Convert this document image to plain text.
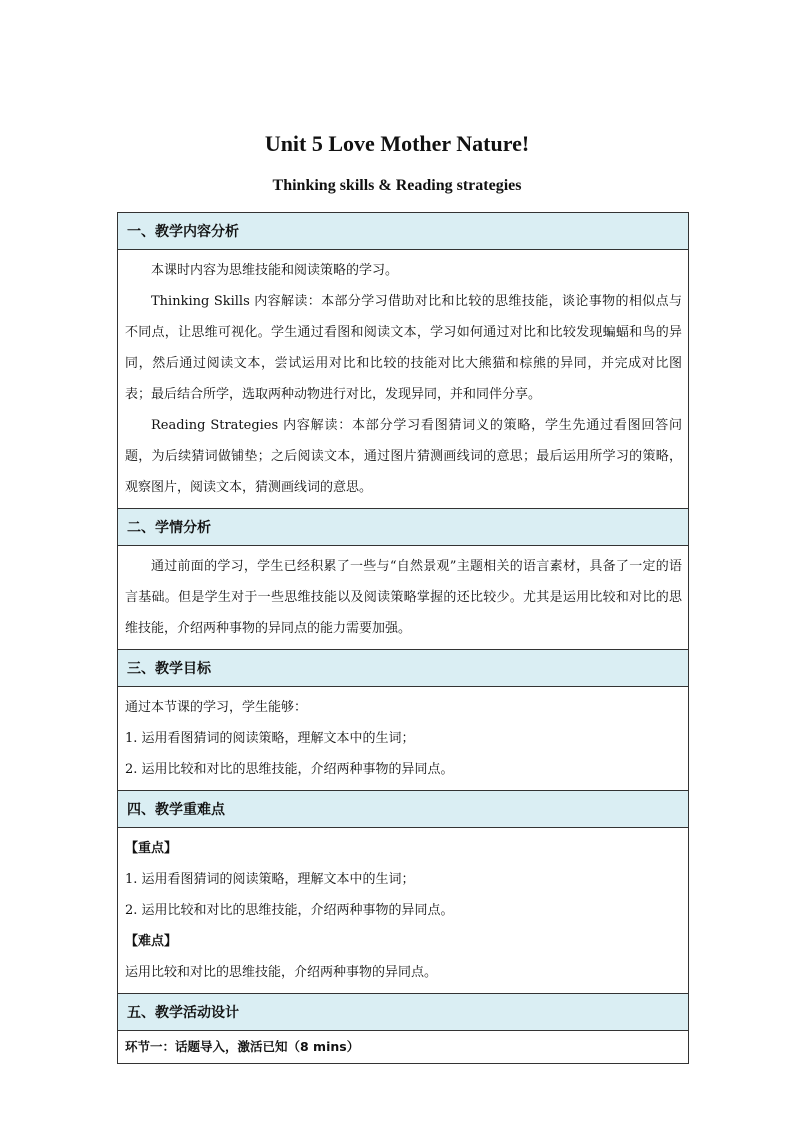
Unit 5 Love Mother Nature!
Thinking skills & Reading strategies
一、教学内容分析

本课时内容为思维技能和阅读策略的学习。

Thinking Skills 内容解读：本部分学习借助对比和比较的思维技能，谈论事物的相似点与不同点，让思维可视化。学生通过看图和阅读文本，学习如何通过对比和比较发现蝙蝠和鸟的异同，然后通过阅读文本，尝试运用对比和比较的技能对比大熊猫和棕熊的异同，并完成对比图表；最后结合所学，选取两种动物进行对比，发现异同，并和同伴分享。

Reading Strategies 内容解读：本部分学习看图猜词义的策略，学生先通过看图回答问题，为后续猜词做铺垫；之后阅读文本，通过图片猜测画线词的意思；最后运用所学习的策略，观察图片，阅读文本，猜测画线词的意思。

二、学情分析

通过前面的学习，学生已经积累了一些与“自然景观”主题相关的语言素材，具备了一定的语言基础。但是学生对于一些思维技能以及阅读策略掌握的还比较少。尤其是运用比较和对比的思维技能，介绍两种事物的异同点的能力需要加强。

三、教学目标

通过本节课的学习，学生能够：

1. 运用看图猜词的阅读策略，理解文本中的生词；

2. 运用比较和对比的思维技能，介绍两种事物的异同点。

四、教学重难点

【重点】

1. 运用看图猜词的阅读策略，理解文本中的生词；

2. 运用比较和对比的思维技能，介绍两种事物的异同点。

【难点】

运用比较和对比的思维技能，介绍两种事物的异同点。

五、教学活动设计

环节一：话题导入，激活已知（8 mins）
